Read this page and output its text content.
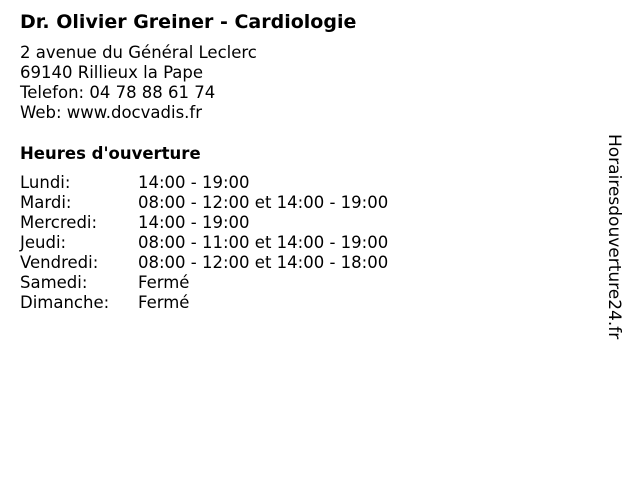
Dr. Olivier Greiner - Cardiologie
2 avenue du Général Leclerc
69140 Rillieux la Pape
Telefon: 04 78 88 61 74
Web: www.docvadis.fr
Heures d'ouverture
Lundi:	14:00 - 19:00
Mardi:	08:00 - 12:00 et 14:00 - 19:00
Mercredi: 14:00 - 19:00
Jeudi:	08:00 - 11:00 et 14:00 - 19:00
Vendredi: 08:00 - 12:00 et 14:00 - 18:00
Samedi:	Fermé
Dimanche: Fermé	Horairesdouverture24.fr
